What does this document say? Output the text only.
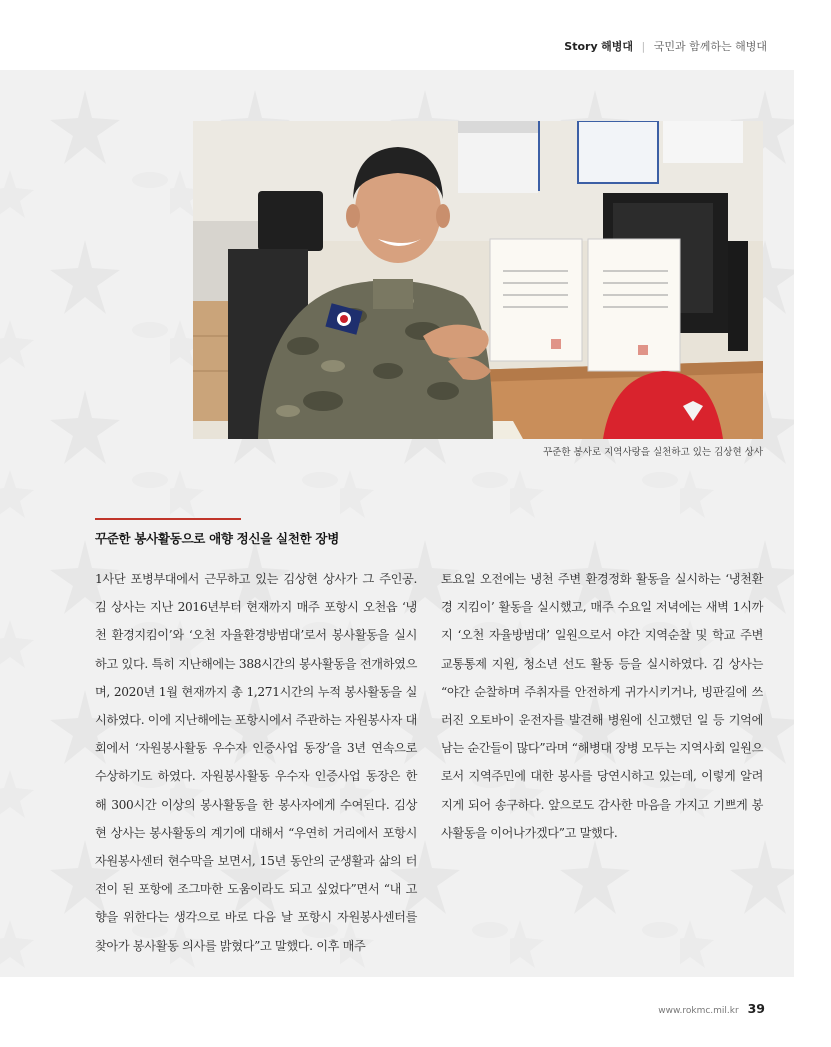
Story 해병대 | 국민과 함께하는 해병대
꾸준한 봉사로 지역사랑을 실천하고 있는 김상현 상사
꾸준한 봉사활동으로 애향 정신을 실천한 장병

1사단 포병부대에서 근무하고 있는 김상현 상사가 그 주인공. 김 상사는 지난 2016년부터 현재까지 매주 포항시 오천읍 ‘냉천 환경지킴이’와 ‘오천 자율환경방범대’로서 봉사활동을 실시하고 있다. 특히 지난해에는 388시간의 봉사활동을 전개하였으며, 2020년 1월 현재까지 총 1,271시간의 누적 봉사활동을 실시하였다. 이에 지난해에는 포항시에서 주관하는 자원봉사자 대회에서 ‘자원봉사활동 우수자 인증사업 동장’을 3년 연속으로 수상하기도 하였다. 자원봉사활동 우수자 인증사업 동장은 한 해 300시간 이상의 봉사활동을 한 봉사자에게 수여된다. 김상현 상사는 봉사활동의 계기에 대해서 “우연히 거리에서 포항시 자원봉사센터 현수막을 보면서, 15년 동안의 군생활과 삶의 터전이 된 포항에 조그마한 도움이라도 되고 싶었다”면서 “내 고향을 위한다는 생각으로 바로 다음 날 포항시 자원봉사센터를 찾아가 봉사활동 의사를 밝혔다”고 말했다. 이후 매주

토요일 오전에는 냉천 주변 환경정화 활동을 실시하는 ‘냉천환경 지킴이’ 활동을 실시했고, 매주 수요일 저녁에는 새벽 1시까지 ‘오천 자율방범대’ 일원으로서 야간 지역순찰 및 학교 주변 교통통제 지원, 청소년 선도 활동 등을 실시하였다. 김 상사는 “야간 순찰하며 주취자를 안전하게 귀가시키거나, 빙판길에 쓰러진 오토바이 운전자를 발견해 병원에 신고했던 일 등 기억에 남는 순간들이 많다”라며 “해병대 장병 모두는 지역사회 일원으로서 지역주민에 대한 봉사를 당연시하고 있는데, 이렇게 알려지게 되어 송구하다. 앞으로도 감사한 마음을 가지고 기쁘게 봉사활동을 이어나가겠다”고 말했다.

www.rokmc.mil.kr 39
